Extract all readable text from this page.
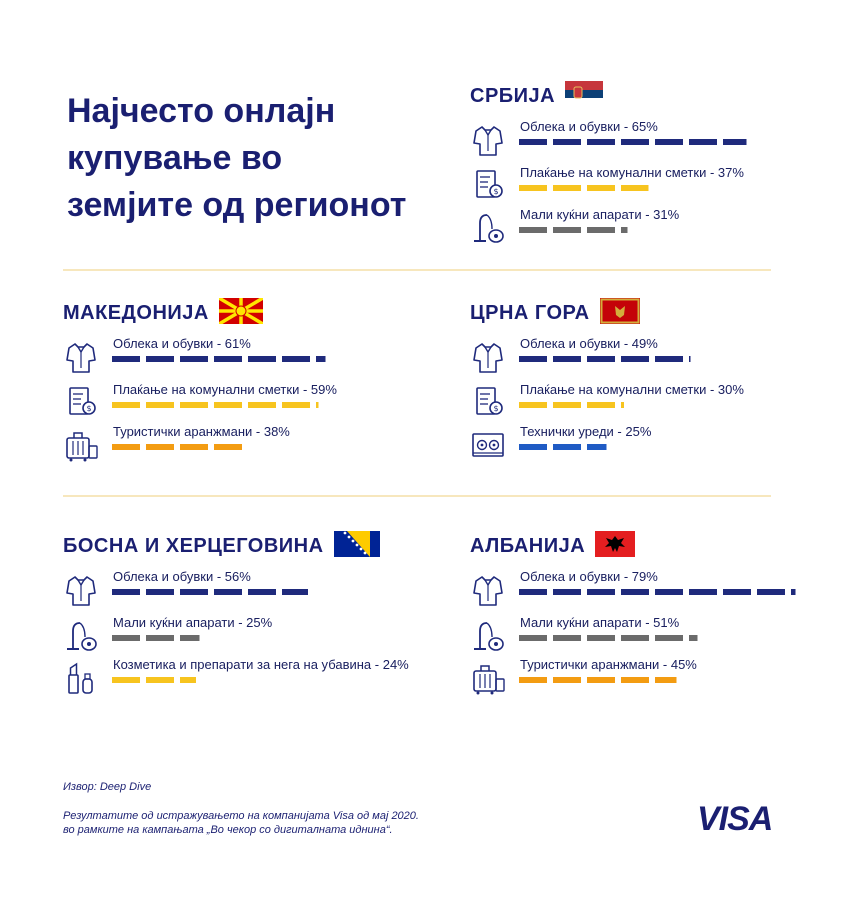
Најчесто онлајн
купување во
земјите од регионот
СРБИЈА
Облека и обувки - 65%
$
Плаќање на комунални сметки - 37%
Мали куќни апарати - 31%
МАКЕДОНИЈА
Облека и обувки - 61%
$
Плаќање на комунални сметки - 59%
Туристички аранжмани - 38%
ЦРНА ГОРА
Облека и обувки - 49%
$
Плаќање на комунални сметки - 30%
Технички уреди - 25%
БОСНА И ХЕРЦЕГОВИНА
Облека и обувки - 56%
Мали куќни апарати - 25%
Козметика и препарати за нега на убавина - 24%
АЛБАНИЈА
Облека и обувки - 79%
Мали куќни апарати - 51%
Туристички аранжмани - 45%

Извор: Deep Dive

Резултатите од истражувањето на компанијата Visa од мај 2020.
во рамките на кампањата „Во чекор со дигиталната иднина“.	VISA
